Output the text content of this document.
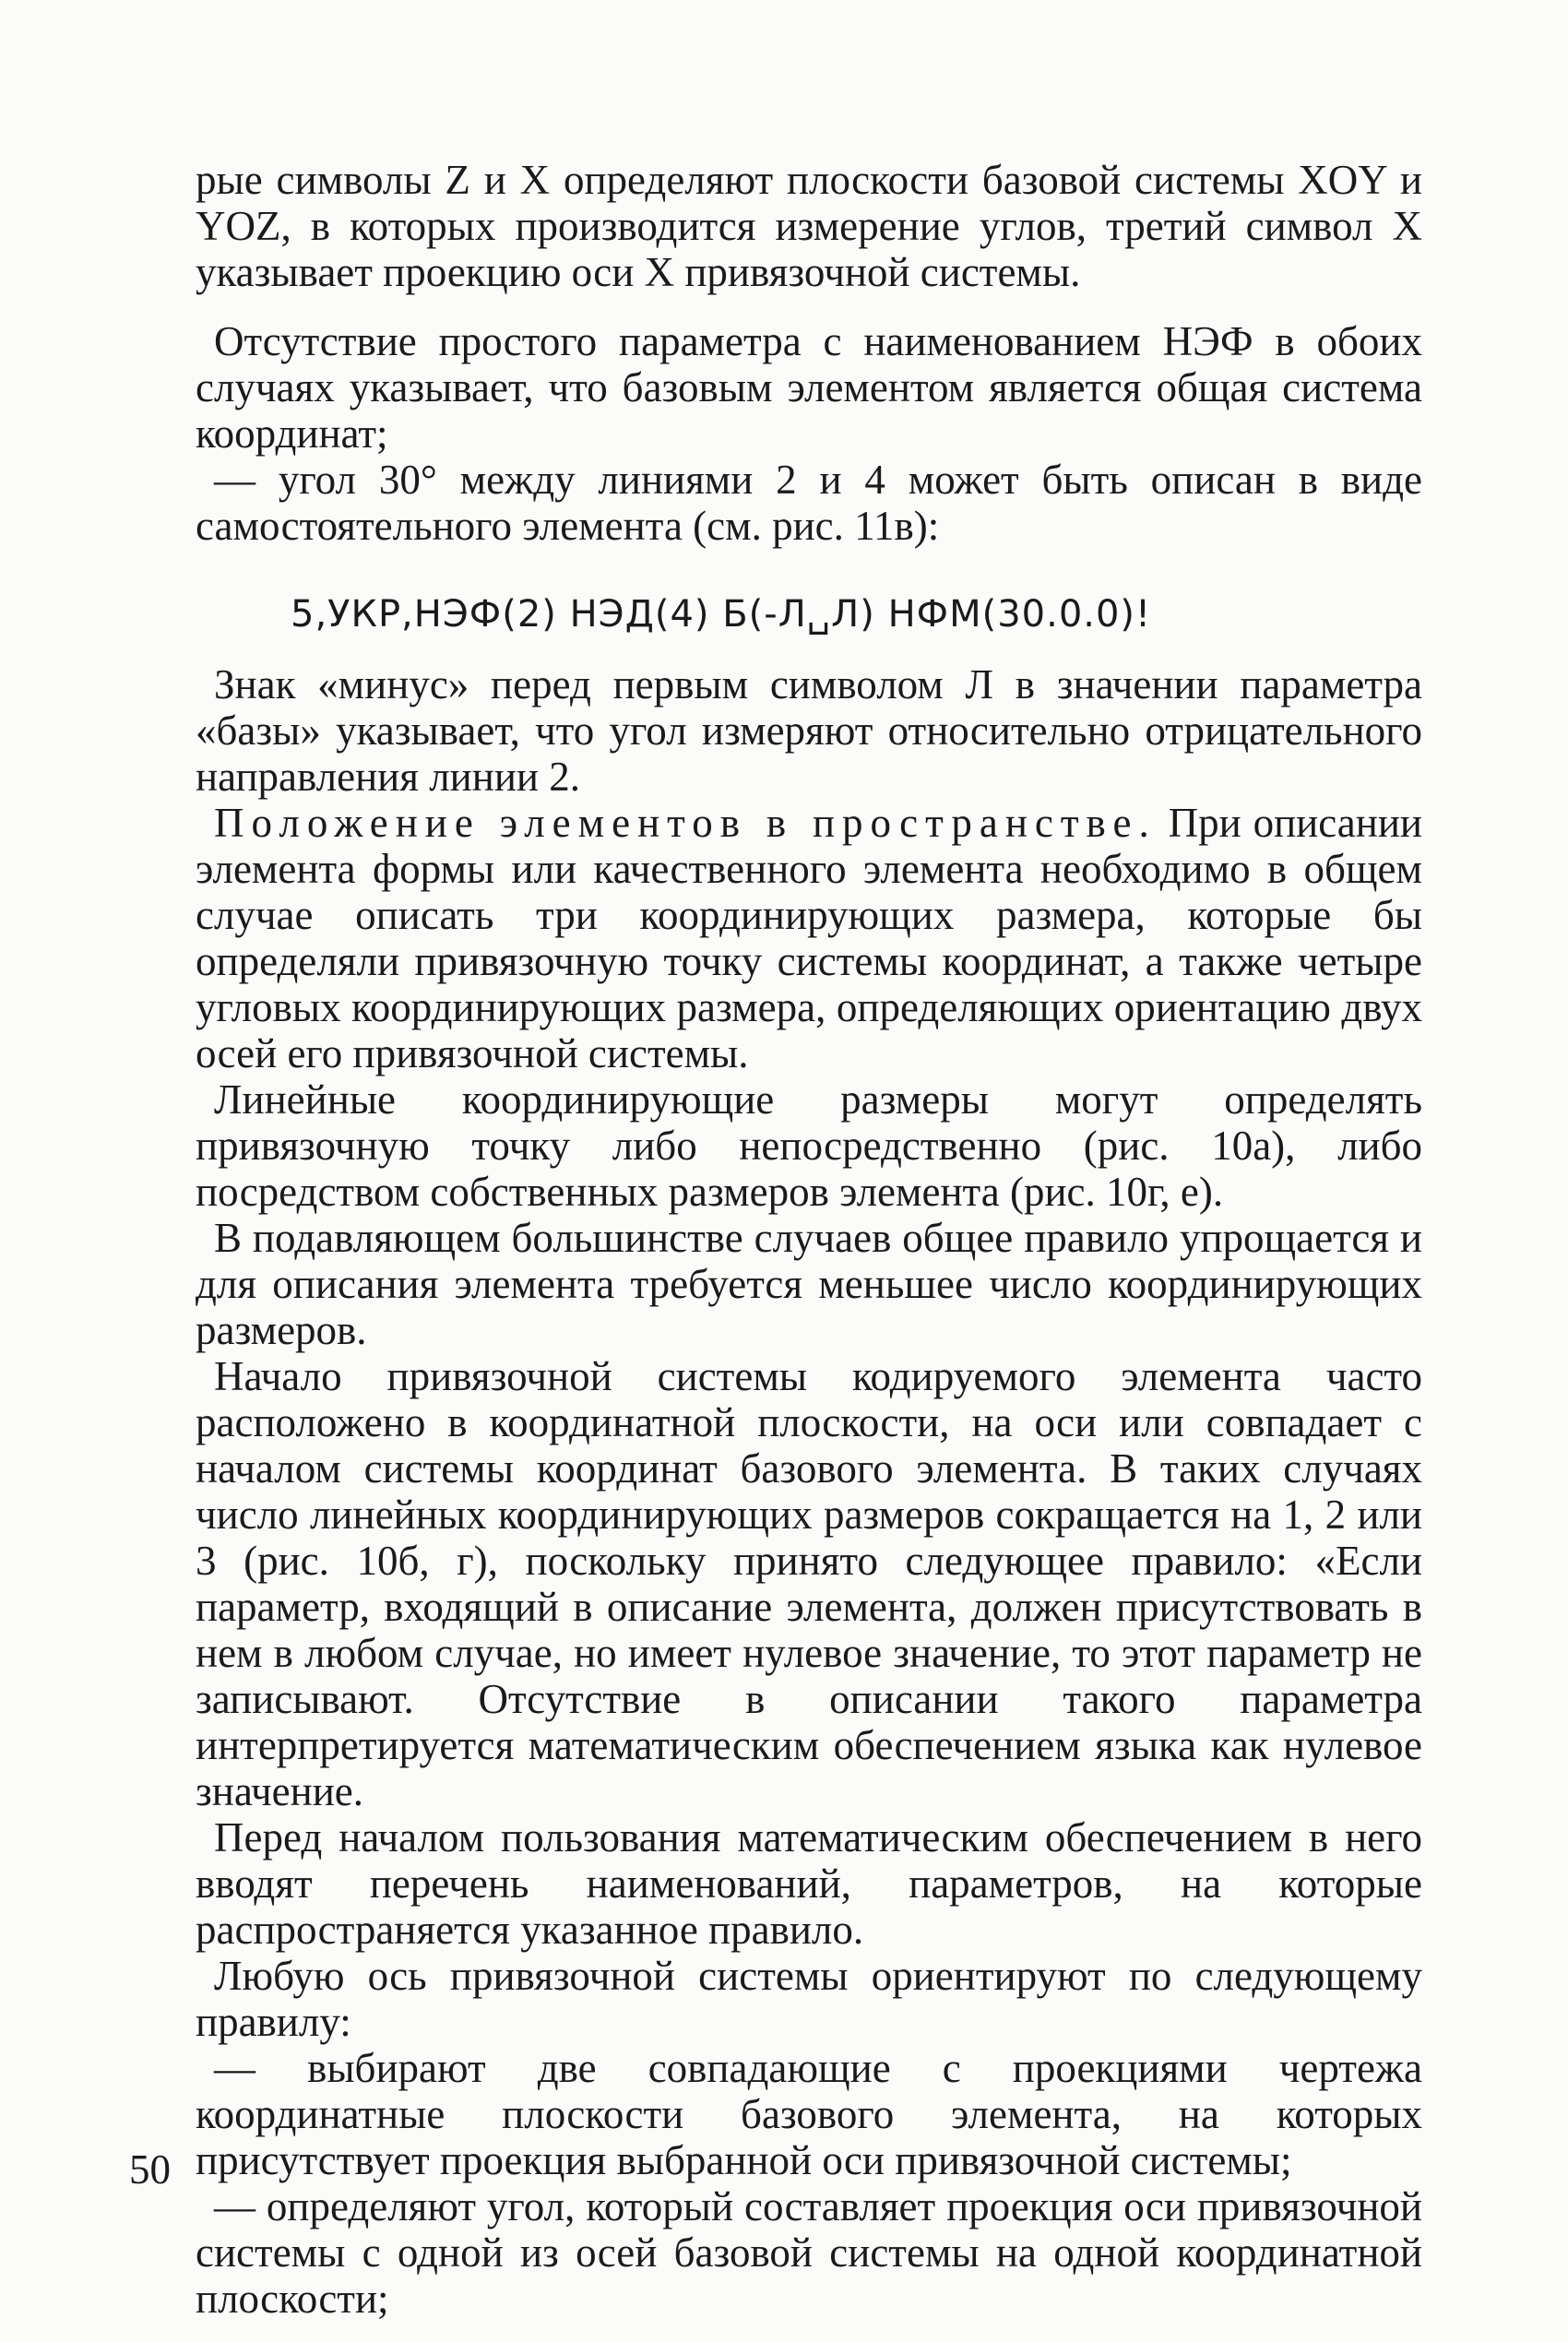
рые символы Z и X определяют плоскости базовой системы XOY и YOZ, в которых производится измерение углов, третий символ X указывает проекцию оси X привязочной системы.

Отсутствие простого параметра с наименованием НЭФ в обоих случаях указывает, что базовым элементом является общая система координат;

— угол 30° между линиями 2 и 4 может быть описан в виде самостоятельного элемента (см. рис. 11в):

5,УКР,НЭФ(2) НЭД(4) Б(-Л␣Л) НФМ(30.0.0)!

Знак «минус» перед первым символом Л в значении параметра «базы» указывает, что угол измеряют относительно отрицательного направления линии 2.

Положение элементов в пространстве. При описании элемента формы или качественного элемента необходимо в общем случае описать три координирующих размера, которые бы определяли привязочную точку системы координат, а также четыре угловых координирующих размера, определяющих ориентацию двух осей его привязочной системы.

Линейные координирующие размеры могут определять привязочную точку либо непосредственно (рис. 10а), либо посредством собственных размеров элемента (рис. 10г, е).

В подавляющем большинстве случаев общее правило упрощается и для описания элемента требуется меньшее число координирующих размеров.

Начало привязочной системы кодируемого элемента часто расположено в координатной плоскости, на оси или совпадает с началом системы координат базового элемента. В таких случаях число линейных координирующих размеров сокращается на 1, 2 или 3 (рис. 10б, г), поскольку принято следующее правило: «Если параметр, входящий в описание элемента, должен присутствовать в нем в любом случае, но имеет нулевое значение, то этот параметр не записывают. Отсутствие в описании такого параметра интерпретируется математическим обеспечением языка как нулевое значение.

Перед началом пользования математическим обеспечением в него вводят перечень наименований, параметров, на которые распространяется указанное правило.

Любую ось привязочной системы ориентируют по следующему правилу:

— выбирают две совпадающие с проекциями чертежа координатные плоскости базового элемента, на которых присутствует проекция выбранной оси привязочной системы;

— определяют угол, который составляет проекция оси привязочной системы с одной из осей базовой системы на одной координатной плоскости;

50
